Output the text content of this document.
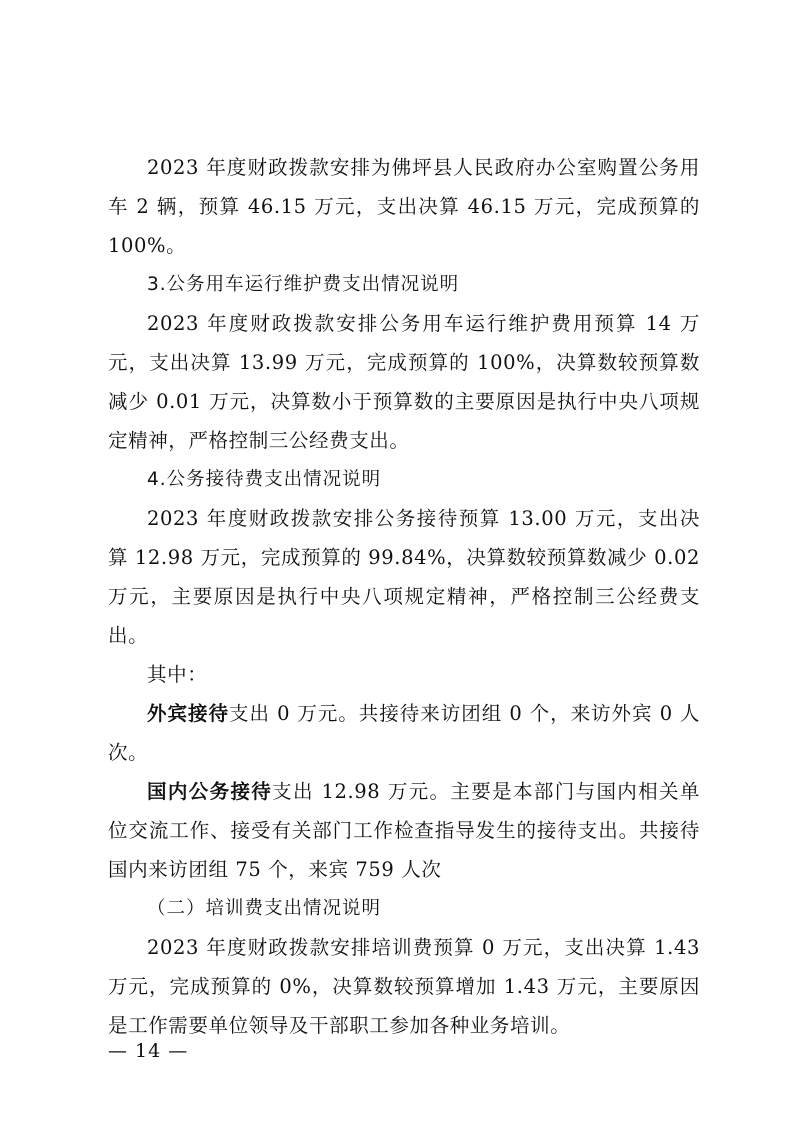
2023 年度财政拨款安排为佛坪县人民政府办公室购置公务用车 2 辆，预算 46.15 万元，支出决算 46.15 万元，完成预算的 100%。

3.公务用车运行维护费支出情况说明

2023 年度财政拨款安排公务用车运行维护费用预算 14 万元，支出决算 13.99 万元，完成预算的 100%，决算数较预算数减少 0.01 万元，决算数小于预算数的主要原因是执行中央八项规定精神，严格控制三公经费支出。

4.公务接待费支出情况说明

2023 年度财政拨款安排公务接待预算 13.00 万元，支出决算 12.98 万元，完成预算的 99.84%，决算数较预算数减少 0.02 万元，主要原因是执行中央八项规定精神，严格控制三公经费支出。

其中：

外宾接待支出 0 万元。共接待来访团组 0 个，来访外宾 0 人次。

国内公务接待支出 12.98 万元。主要是本部门与国内相关单位交流工作、接受有关部门工作检查指导发生的接待支出。共接待国内来访团组 75 个，来宾 759 人次

（二）培训费支出情况说明

2023 年度财政拨款安排培训费预算 0 万元，支出决算 1.43 万元，完成预算的 0%，决算数较预算增加 1.43 万元，主要原因是工作需要单位领导及干部职工参加各种业务培训。

— 14 —
